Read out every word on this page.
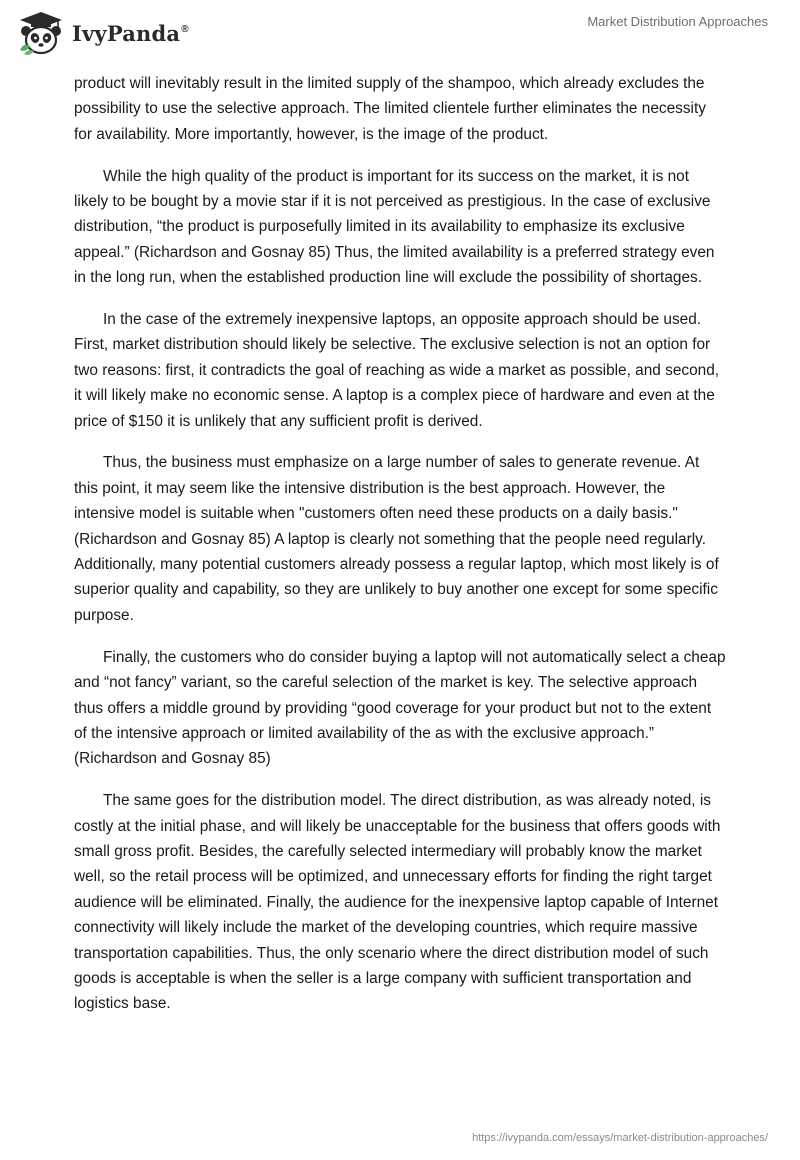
IvyPanda®	Market Distribution Approaches

product will inevitably result in the limited supply of the shampoo, which already excludes the possibility to use the selective approach. The limited clientele further eliminates the necessity for availability. More importantly, however, is the image of the product.

While the high quality of the product is important for its success on the market, it is not likely to be bought by a movie star if it is not perceived as prestigious. In the case of exclusive distribution, “the product is purposefully limited in its availability to emphasize its exclusive appeal.” (Richardson and Gosnay 85) Thus, the limited availability is a preferred strategy even in the long run, when the established production line will exclude the possibility of shortages.

In the case of the extremely inexpensive laptops, an opposite approach should be used. First, market distribution should likely be selective. The exclusive selection is not an option for two reasons: first, it contradicts the goal of reaching as wide a market as possible, and second, it will likely make no economic sense. A laptop is a complex piece of hardware and even at the price of $150 it is unlikely that any sufficient profit is derived.

Thus, the business must emphasize on a large number of sales to generate revenue. At this point, it may seem like the intensive distribution is the best approach. However, the intensive model is suitable when "customers often need these products on a daily basis." (Richardson and Gosnay 85) A laptop is clearly not something that the people need regularly. Additionally, many potential customers already possess a regular laptop, which most likely is of superior quality and capability, so they are unlikely to buy another one except for some specific purpose.

Finally, the customers who do consider buying a laptop will not automatically select a cheap and “not fancy” variant, so the careful selection of the market is key. The selective approach thus offers a middle ground by providing “good coverage for your product but not to the extent of the intensive approach or limited availability of the as with the exclusive approach.” (Richardson and Gosnay 85)

The same goes for the distribution model. The direct distribution, as was already noted, is costly at the initial phase, and will likely be unacceptable for the business that offers goods with small gross profit. Besides, the carefully selected intermediary will probably know the market well, so the retail process will be optimized, and unnecessary efforts for finding the right target audience will be eliminated. Finally, the audience for the inexpensive laptop capable of Internet connectivity will likely include the market of the developing countries, which require massive transportation capabilities. Thus, the only scenario where the direct distribution model of such goods is acceptable is when the seller is a large company with sufficient transportation and logistics base.

https://ivypanda.com/essays/market-distribution-approaches/
